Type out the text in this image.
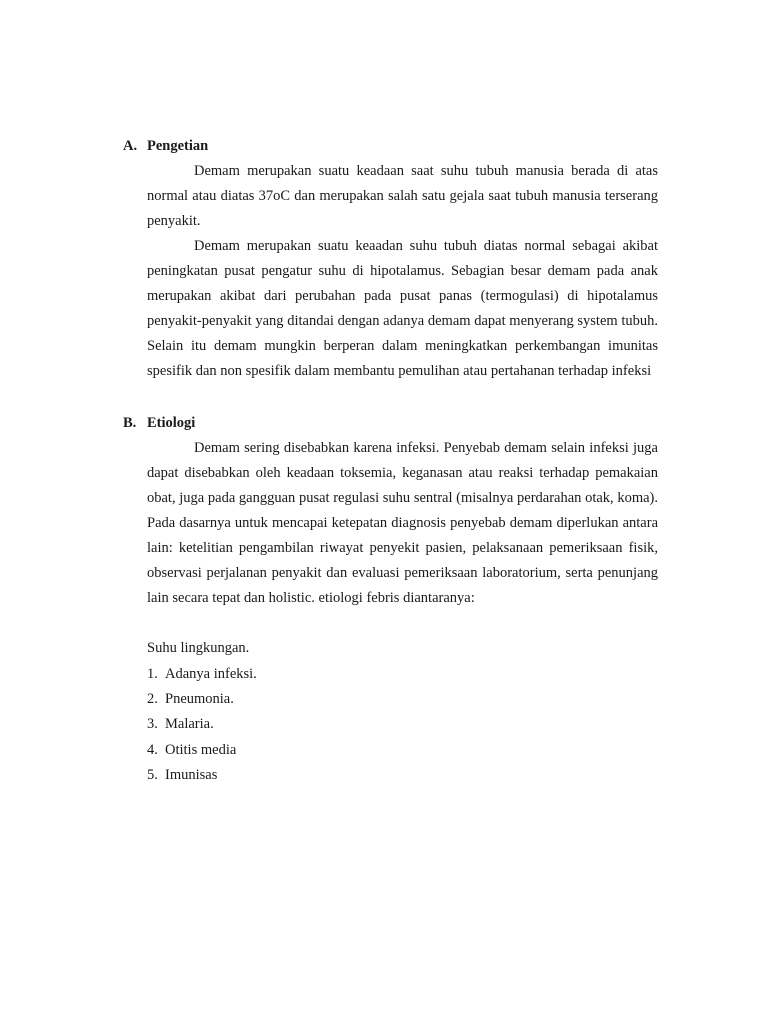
A. Pengetian

Demam merupakan suatu keadaan saat suhu tubuh manusia berada di atas normal atau diatas 37oC dan merupakan salah satu gejala saat tubuh manusia terserang penyakit.

Demam merupakan suatu keaadan suhu tubuh diatas normal sebagai akibat peningkatan pusat pengatur suhu di hipotalamus. Sebagian besar demam pada anak merupakan akibat dari perubahan pada pusat panas (termogulasi) di hipotalamus penyakit-penyakit yang ditandai dengan adanya demam dapat menyerang system tubuh. Selain itu demam mungkin berperan dalam meningkatkan perkembangan imunitas spesifik dan non spesifik dalam membantu pemulihan atau pertahanan terhadap infeksi

B. Etiologi

Demam sering disebabkan karena infeksi. Penyebab demam selain infeksi juga dapat disebabkan oleh keadaan toksemia, keganasan atau reaksi terhadap pemakaian obat, juga pada gangguan pusat regulasi suhu sentral (misalnya perdarahan otak, koma). Pada dasarnya untuk mencapai ketepatan diagnosis penyebab demam diperlukan antara lain: ketelitian pengambilan riwayat penyekit pasien, pelaksanaan pemeriksaan fisik, observasi perjalanan penyakit dan evaluasi pemeriksaan laboratorium, serta penunjang lain secara tepat dan holistic. etiologi febris diantaranya:

Suhu lingkungan.
1. Adanya infeksi.
2. Pneumonia.
3. Malaria.
4. Otitis media
5. Imunisas
